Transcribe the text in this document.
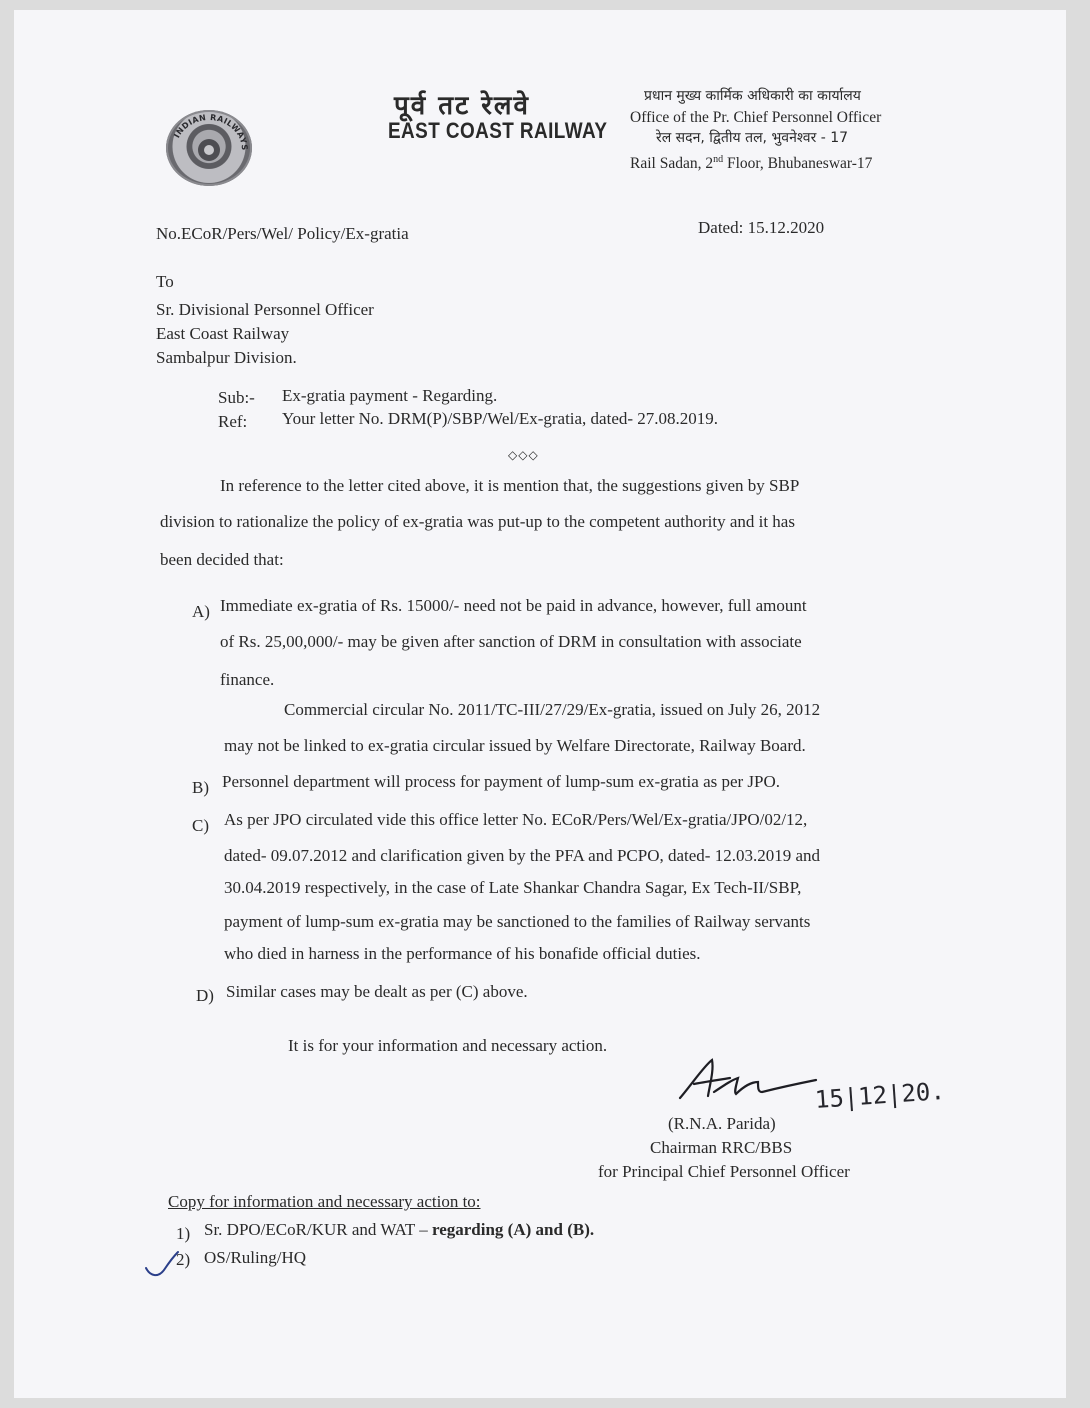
INDIAN RAILWAYS
पूर्व तट रेलवे
EAST COAST RAILWAY
प्रधान मुख्य कार्मिक अधिकारी का कार्यालय
Office of the Pr. Chief Personnel Officer
रेल सदन, द्वितीय तल, भुवनेश्वर - 17
Rail Sadan, 2nd Floor, Bhubaneswar-17
No.ECoR/Pers/Wel/ Policy/Ex-gratia	Dated: 15.12.2020
To
Sr. Divisional Personnel Officer
East Coast Railway
Sambalpur Division.
Sub:- Ex-gratia payment - Regarding.
Ref: Your letter No. DRM(P)/SBP/Wel/Ex-gratia, dated- 27.08.2019.
◇◇◇
In reference to the letter cited above, it is mention that, the suggestions given by SBP
division to rationalize the policy of ex-gratia was put-up to the competent authority and it has
been decided that:
A) Immediate ex-gratia of Rs. 15000/- need not be paid in advance, however, full amount
of Rs. 25,00,000/- may be given after sanction of DRM in consultation with associate
finance.
Commercial circular No. 2011/TC-III/27/29/Ex-gratia, issued on July 26, 2012
may not be linked to ex-gratia circular issued by Welfare Directorate, Railway Board.
B) Personnel department will process for payment of lump-sum ex-gratia as per JPO.
C) As per JPO circulated vide this office letter No. ECoR/Pers/Wel/Ex-gratia/JPO/02/12,
dated- 09.07.2012 and clarification given by the PFA and PCPO, dated- 12.03.2019 and
30.04.2019 respectively, in the case of Late Shankar Chandra Sagar, Ex Tech-II/SBP,
payment of lump-sum ex-gratia may be sanctioned to the families of Railway servants
who died in harness in the performance of his bonafide official duties.
D) Similar cases may be dealt as per (C) above.
It is for your information and necessary action.
15|12|20.
(R.N.A. Parida)
Chairman RRC/BBS
for Principal Chief Personnel Officer
Copy for information and necessary action to:
1) Sr. DPO/ECoR/KUR and WAT – regarding (A) and (B).
2) OS/Ruling/HQ
